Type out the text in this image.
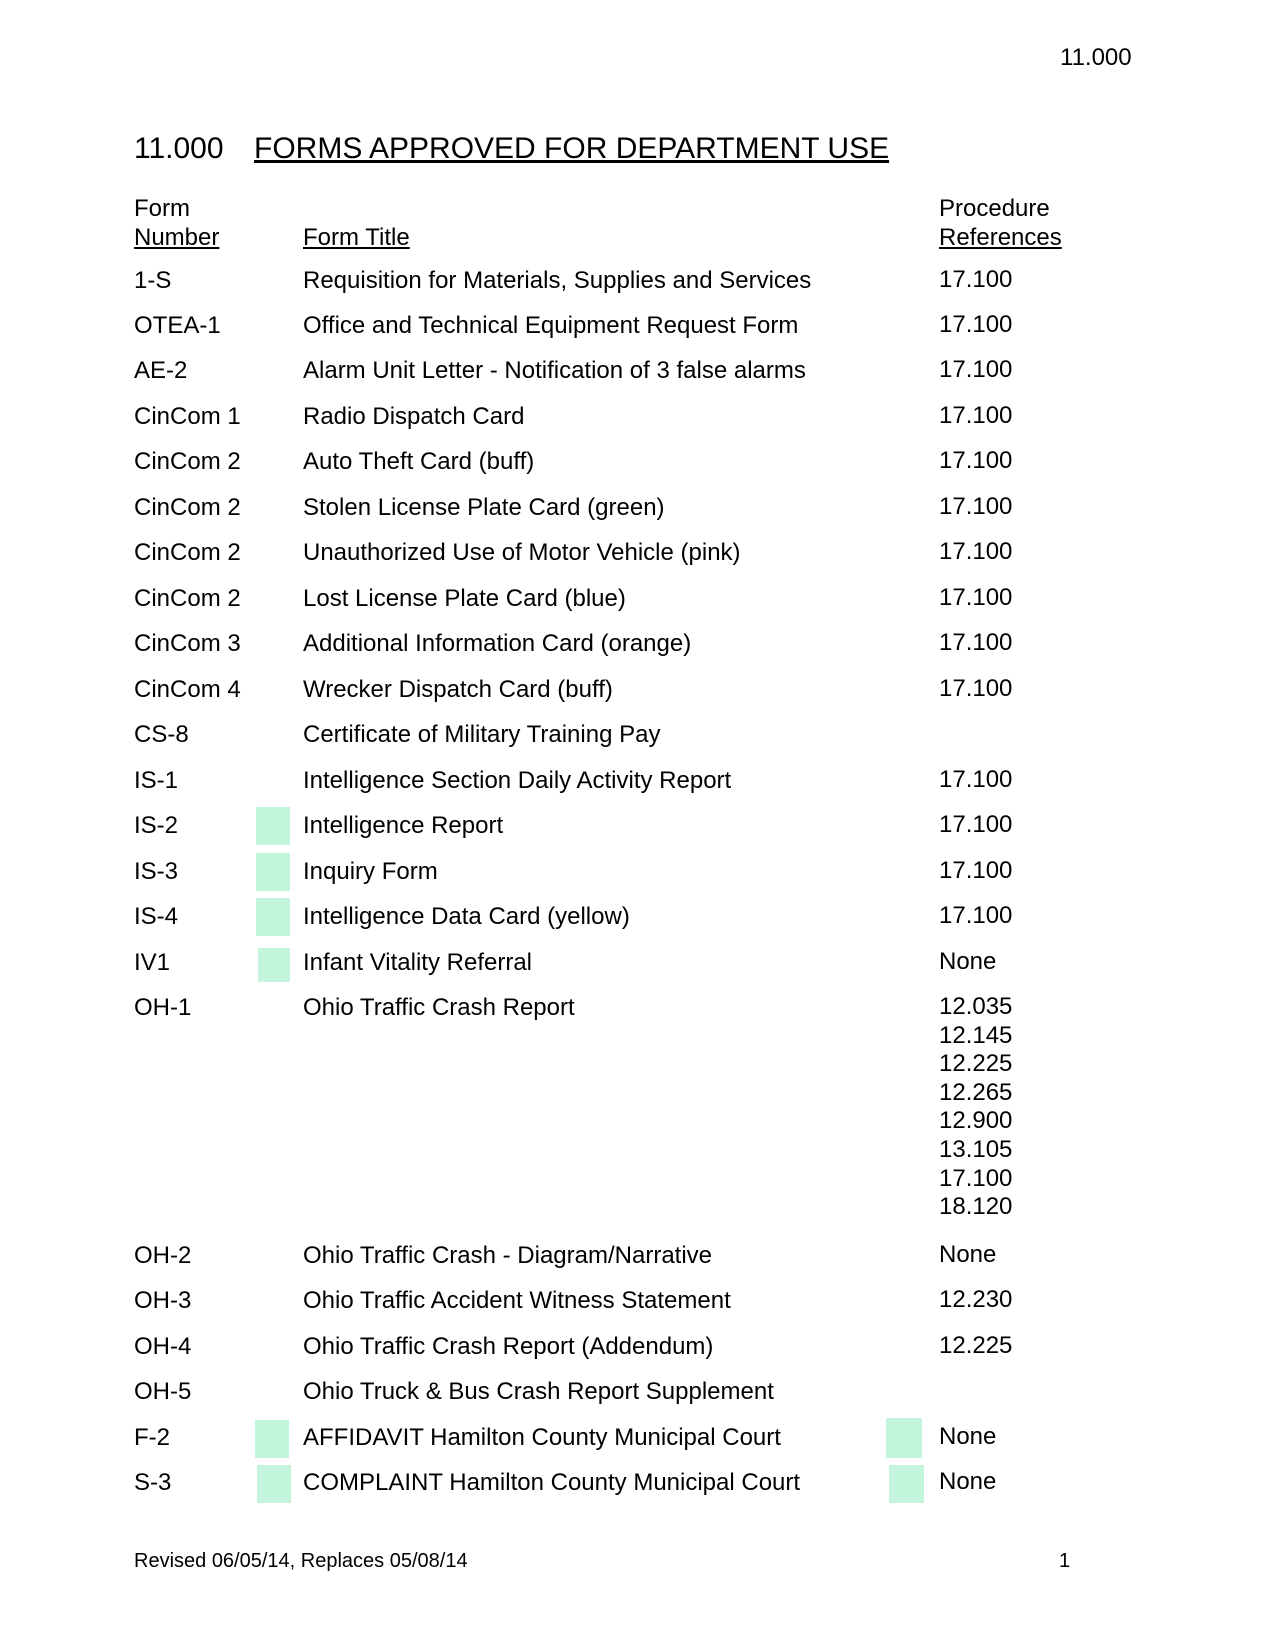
11.000
11.000 FORMS APPROVED FOR DEPARTMENT USE
Form
Number	Form Title
Procedure
References
1-S	Requisition for Materials, Supplies and Services	17.100
OTEA-1	Office and Technical Equipment Request Form	17.100
AE-2	Alarm Unit Letter - Notification of 3 false alarms	17.100
CinCom 1	Radio Dispatch Card	17.100
CinCom 2	Auto Theft Card (buff)	17.100
CinCom 2	Stolen License Plate Card (green)	17.100
CinCom 2	Unauthorized Use of Motor Vehicle (pink)	17.100
CinCom 2	Lost License Plate Card (blue)	17.100
CinCom 3	Additional Information Card (orange)	17.100
CinCom 4	Wrecker Dispatch Card (buff)	17.100
CS-8	Certificate of Military Training Pay
IS-1	Intelligence Section Daily Activity Report	17.100
IS-2	Intelligence Report	17.100
IS-3	Inquiry Form	17.100
IS-4	Intelligence Data Card (yellow)	17.100
IV1	Infant Vitality Referral	None
OH-1	Ohio Traffic Crash Report	12.035
12.145
12.225
12.265
12.900
13.105
17.100
18.120
OH-2	Ohio Traffic Crash - Diagram/Narrative	None
OH-3	Ohio Traffic Accident Witness Statement	12.230
OH-4	Ohio Traffic Crash Report (Addendum)	12.225
OH-5	Ohio Truck & Bus Crash Report Supplement
F-2	AFFIDAVIT Hamilton County Municipal Court	None
S-3	COMPLAINT Hamilton County Municipal Court	None
Revised 06/05/14, Replaces 05/08/14	1
